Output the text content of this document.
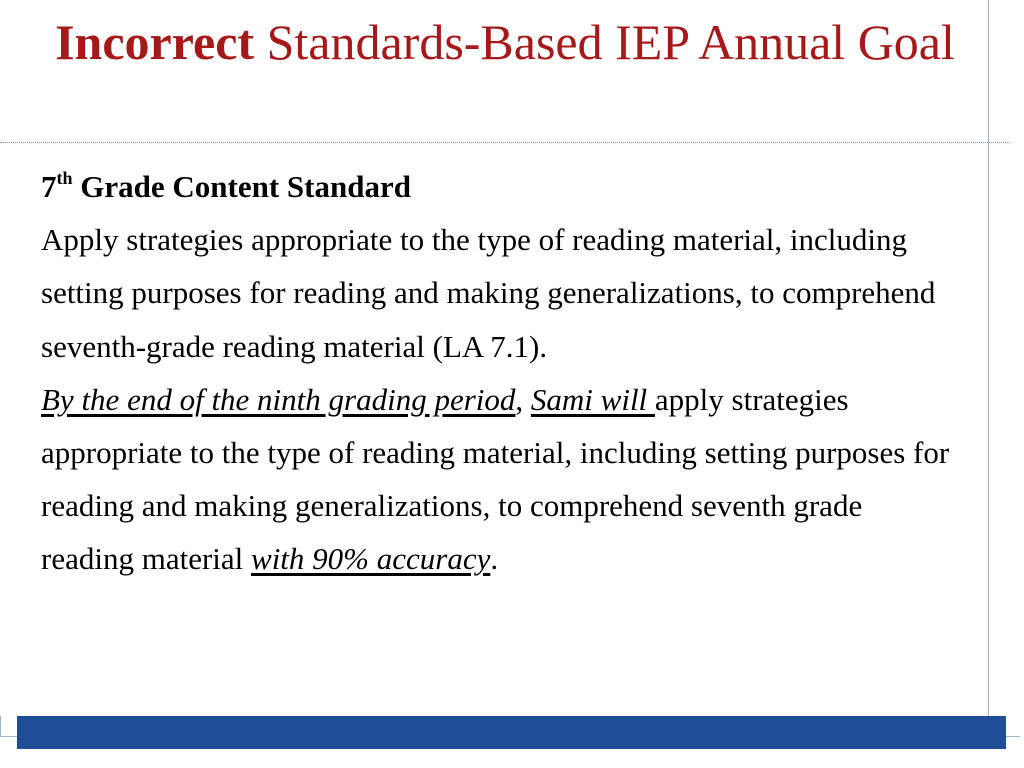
Incorrect Standards-Based IEP Annual Goal

7th Grade Content Standard

Apply strategies appropriate to the type of reading material, including setting purposes for reading and making generalizations, to comprehend seventh-grade reading material (LA 7.1).

By the end of the ninth grading period, Sami will apply strategies appropriate to the type of reading material, including setting purposes for reading and making generalizations, to comprehend seventh grade reading material with 90% accuracy.
